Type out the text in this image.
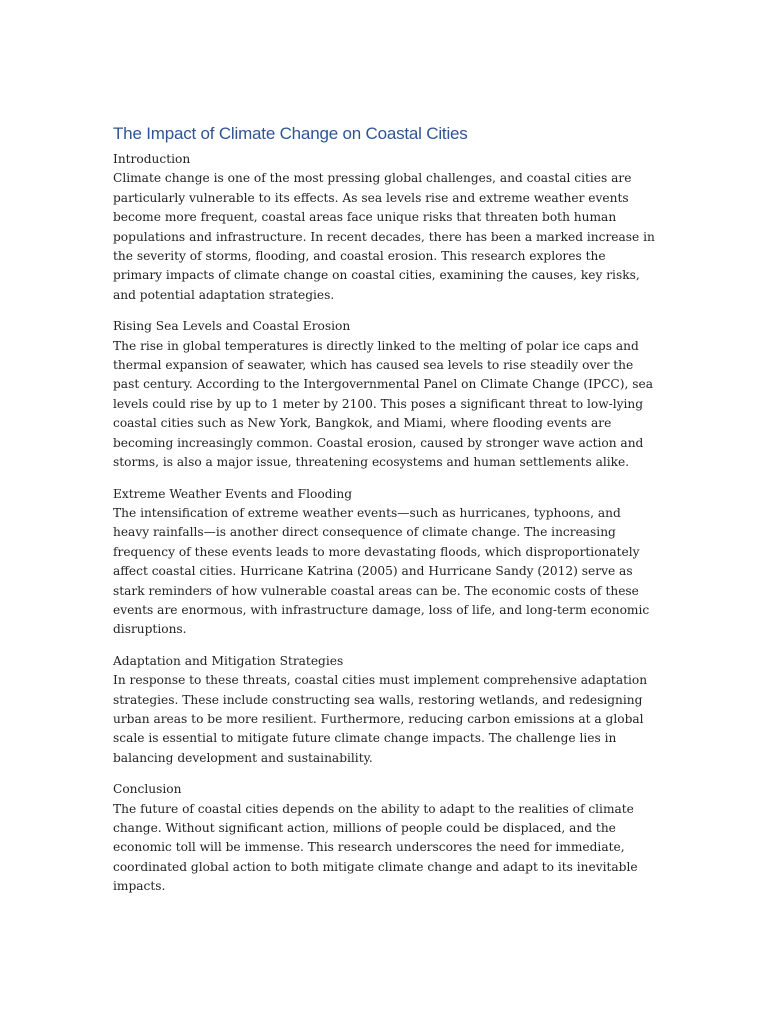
The Impact of Climate Change on Coastal Cities

Introduction

Climate change is one of the most pressing global challenges, and coastal cities are particularly vulnerable to its effects. As sea levels rise and extreme weather events become more frequent, coastal areas face unique risks that threaten both human populations and infrastructure. In recent decades, there has been a marked increase in the severity of storms, flooding, and coastal erosion. This research explores the primary impacts of climate change on coastal cities, examining the causes, key risks, and potential adaptation strategies.

Rising Sea Levels and Coastal Erosion

The rise in global temperatures is directly linked to the melting of polar ice caps and thermal expansion of seawater, which has caused sea levels to rise steadily over the past century. According to the Intergovernmental Panel on Climate Change (IPCC), sea levels could rise by up to 1 meter by 2100. This poses a significant threat to low-lying coastal cities such as New York, Bangkok, and Miami, where flooding events are becoming increasingly common. Coastal erosion, caused by stronger wave action and storms, is also a major issue, threatening ecosystems and human settlements alike.

Extreme Weather Events and Flooding

The intensification of extreme weather events—such as hurricanes, typhoons, and heavy rainfalls—is another direct consequence of climate change. The increasing frequency of these events leads to more devastating floods, which disproportionately affect coastal cities. Hurricane Katrina (2005) and Hurricane Sandy (2012) serve as stark reminders of how vulnerable coastal areas can be. The economic costs of these events are enormous, with infrastructure damage, loss of life, and long-term economic disruptions.

Adaptation and Mitigation Strategies

In response to these threats, coastal cities must implement comprehensive adaptation strategies. These include constructing sea walls, restoring wetlands, and redesigning urban areas to be more resilient. Furthermore, reducing carbon emissions at a global scale is essential to mitigate future climate change impacts. The challenge lies in balancing development and sustainability.

Conclusion

The future of coastal cities depends on the ability to adapt to the realities of climate change. Without significant action, millions of people could be displaced, and the economic toll will be immense. This research underscores the need for immediate, coordinated global action to both mitigate climate change and adapt to its inevitable impacts.
